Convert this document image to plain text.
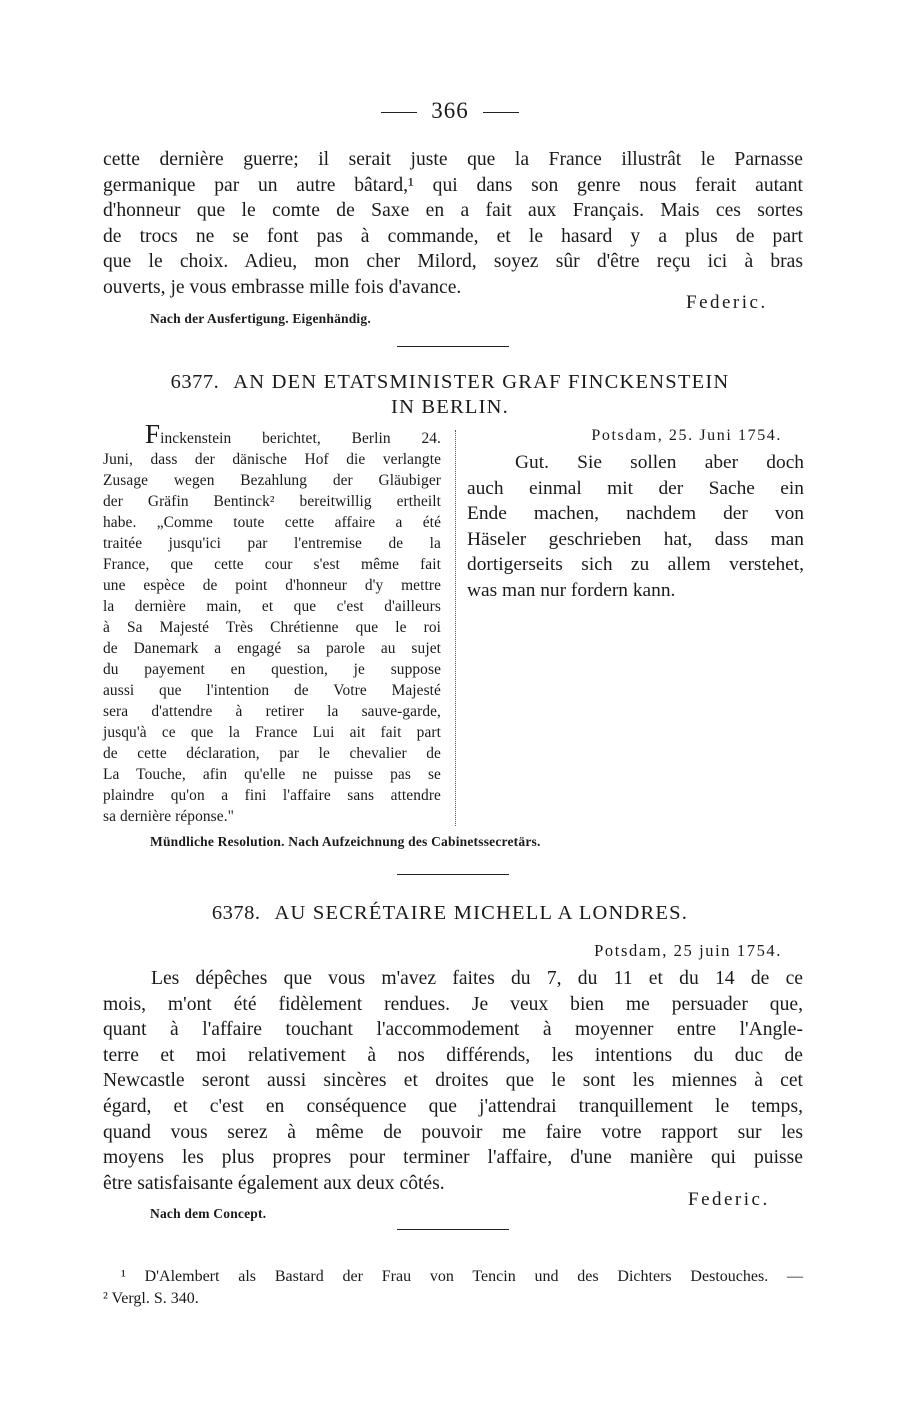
366
cette dernière guerre; il serait juste que la France illustrât le Parnasse
germanique par un autre bâtard,¹ qui dans son genre nous ferait autant
d'honneur que le comte de Saxe en a fait aux Français. Mais ces sortes
de trocs ne se font pas à commande, et le hasard y a plus de part
que le choix. Adieu, mon cher Milord, soyez sûr d'être reçu ici à bras
ouverts, je vous embrasse mille fois d'avance.
Federic.
Nach der Ausfertigung. Eigenhändig.
6377. AN DEN ETATSMINISTER GRAF FINCKENSTEIN
IN BERLIN.
Finckenstein berichtet, Berlin 24.
Juni, dass der dänische Hof die verlangte
Zusage wegen Bezahlung der Gläubiger
der Gräfin Bentinck² bereitwillig ertheilt
habe. „Comme toute cette affaire a été
traitée jusqu'ici par l'entremise de la
France, que cette cour s'est même fait
une espèce de point d'honneur d'y mettre
la dernière main, et que c'est d'ailleurs
à Sa Majesté Très Chrétienne que le roi
de Danemark a engagé sa parole au sujet
du payement en question, je suppose
aussi que l'intention de Votre Majesté
sera d'attendre à retirer la sauve-garde,
jusqu'à ce que la France Lui ait fait part
de cette déclaration, par le chevalier de
La Touche, afin qu'elle ne puisse pas se
plaindre qu'on a fini l'affaire sans attendre
sa dernière réponse."
Potsdam, 25. Juni 1754.
Gut. Sie sollen aber doch
auch einmal mit der Sache ein
Ende machen, nachdem der von
Häseler geschrieben hat, dass man
dortigerseits sich zu allem verstehet,
was man nur fordern kann.
Mündliche Resolution. Nach Aufzeichnung des Cabinetssecretärs.
6378. AU SECRÉTAIRE MICHELL A LONDRES.
Potsdam, 25 juin 1754.
Les dépêches que vous m'avez faites du 7, du 11 et du 14 de ce
mois, m'ont été fidèlement rendues. Je veux bien me persuader que,
quant à l'affaire touchant l'accommodement à moyenner entre l'Angle-
terre et moi relativement à nos différends, les intentions du duc de
Newcastle seront aussi sincères et droites que le sont les miennes à cet
égard, et c'est en conséquence que j'attendrai tranquillement le temps,
quand vous serez à même de pouvoir me faire votre rapport sur les
moyens les plus propres pour terminer l'affaire, d'une manière qui puisse
être satisfaisante également aux deux côtés.
Federic.
Nach dem Concept.
¹ D'Alembert als Bastard der Frau von Tencin und des Dichters Destouches. —
² Vergl. S. 340.
